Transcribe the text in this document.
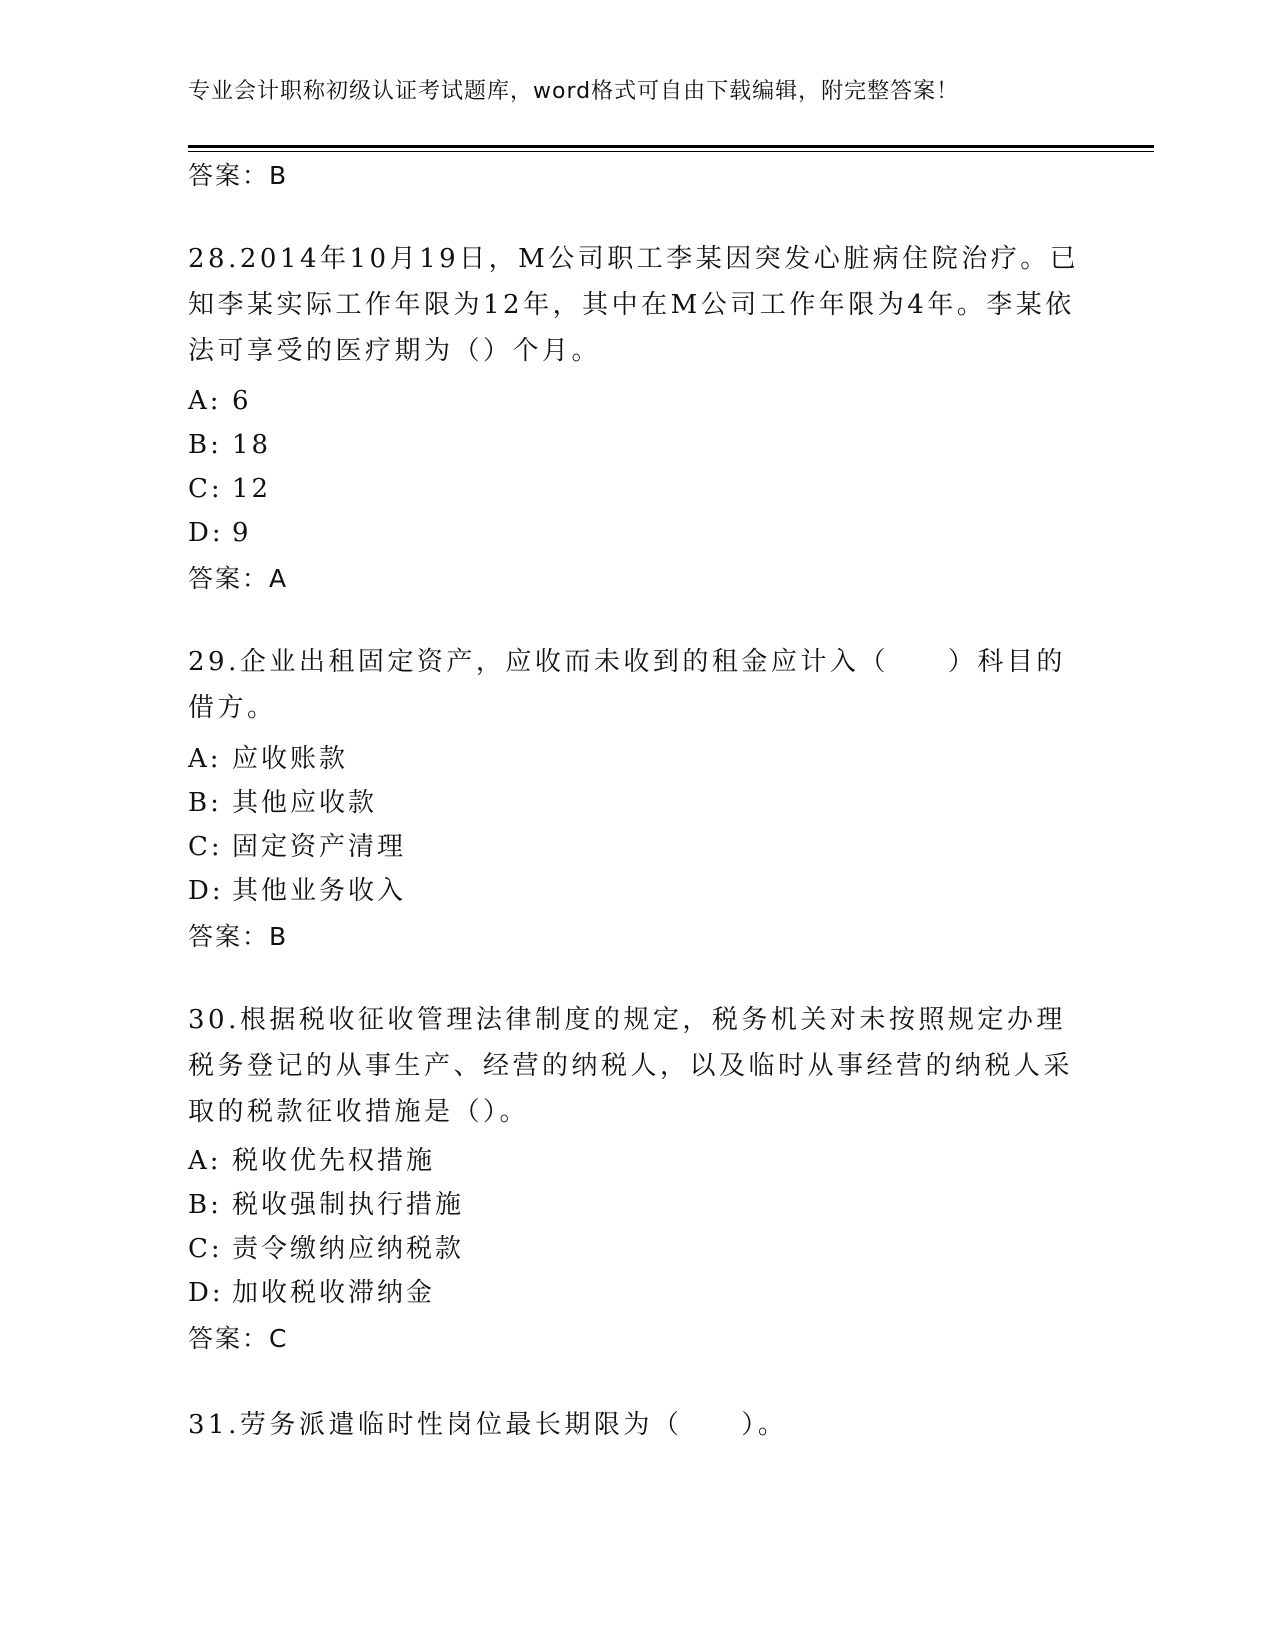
专业会计职称初级认证考试题库，word格式可自由下载编辑，附完整答案！
答案：B
28.2014年10月19日，M公司职工李某因突发心脏病住院治疗。已知李某实际工作年限为12年，其中在M公司工作年限为4年。李某依法可享受的医疗期为（）个月。
A: 6
B: 18
C: 12
D: 9
答案：A
29.企业出租固定资产，应收而未收到的租金应计入（　　）科目的借方。
A: 应收账款
B: 其他应收款
C: 固定资产清理
D: 其他业务收入
答案：B
30.根据税收征收管理法律制度的规定，税务机关对未按照规定办理税务登记的从事生产、经营的纳税人，以及临时从事经营的纳税人采取的税款征收措施是（）。
A: 税收优先权措施
B: 税收强制执行措施
C: 责令缴纳应纳税款
D: 加收税收滞纳金
答案：C
31.劳务派遣临时性岗位最长期限为（　　）。
